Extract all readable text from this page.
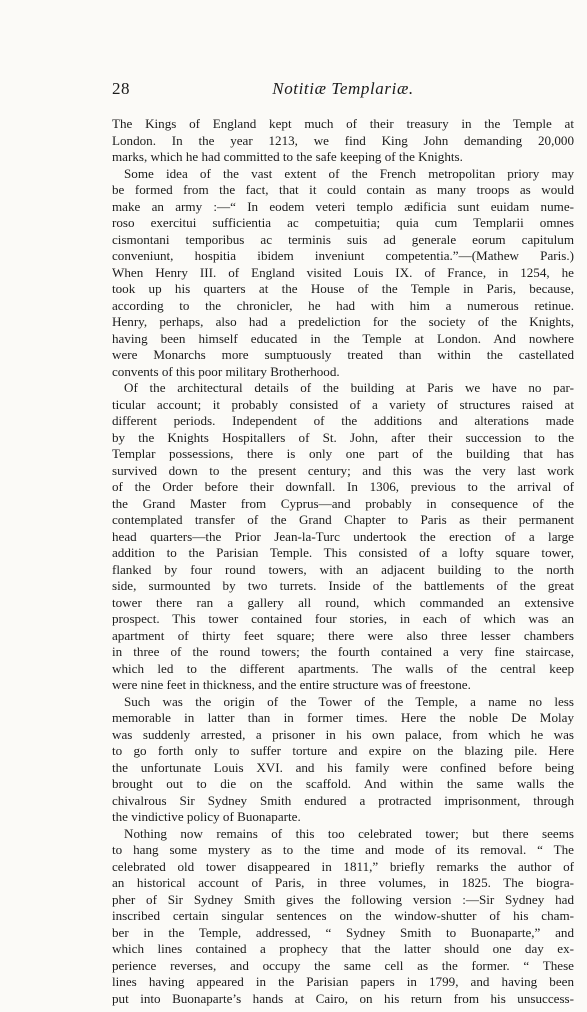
28	Notitiæ Templariæ.
The Kings of England kept much of their treasury in the Temple at
London. In the year 1213, we find King John demanding 20,000
marks, which he had committed to the safe keeping of the Knights.
Some idea of the vast extent of the French metropolitan priory may
be formed from the fact, that it could contain as many troops as would
make an army :—“ In eodem veteri templo ædificia sunt euidam nume-
roso exercitui sufficientia ac competuitia; quia cum Templarii omnes
cismontani temporibus ac terminis suis ad generale eorum capitulum
conveniunt, hospitia ibidem inveniunt competentia.”—(Mathew Paris.)
When Henry III. of England visited Louis IX. of France, in 1254, he
took up his quarters at the House of the Temple in Paris, because,
according to the chronicler, he had with him a numerous retinue.
Henry, perhaps, also had a predeliction for the society of the Knights,
having been himself educated in the Temple at London. And nowhere
were Monarchs more sumptuously treated than within the castellated
convents of this poor military Brotherhood.
Of the architectural details of the building at Paris we have no par-
ticular account; it probably consisted of a variety of structures raised at
different periods. Independent of the additions and alterations made
by the Knights Hospitallers of St. John, after their succession to the
Templar possessions, there is only one part of the building that has
survived down to the present century; and this was the very last work
of the Order before their downfall. In 1306, previous to the arrival of
the Grand Master from Cyprus—and probably in consequence of the
contemplated transfer of the Grand Chapter to Paris as their permanent
head quarters—the Prior Jean-la-Turc undertook the erection of a large
addition to the Parisian Temple. This consisted of a lofty square tower,
flanked by four round towers, with an adjacent building to the north
side, surmounted by two turrets. Inside of the battlements of the great
tower there ran a gallery all round, which commanded an extensive
prospect. This tower contained four stories, in each of which was an
apartment of thirty feet square; there were also three lesser chambers
in three of the round towers; the fourth contained a very fine staircase,
which led to the different apartments. The walls of the central keep
were nine feet in thickness, and the entire structure was of freestone.
Such was the origin of the Tower of the Temple, a name no less
memorable in latter than in former times. Here the noble De Molay
was suddenly arrested, a prisoner in his own palace, from which he was
to go forth only to suffer torture and expire on the blazing pile. Here
the unfortunate Louis XVI. and his family were confined before being
brought out to die on the scaffold. And within the same walls the
chivalrous Sir Sydney Smith endured a protracted imprisonment, through
the vindictive policy of Buonaparte.
Nothing now remains of this too celebrated tower; but there seems
to hang some mystery as to the time and mode of its removal. “ The
celebrated old tower disappeared in 1811,” briefly remarks the author of
an historical account of Paris, in three volumes, in 1825. The biogra-
pher of Sir Sydney Smith gives the following version :—Sir Sydney had
inscribed certain singular sentences on the window-shutter of his cham-
ber in the Temple, addressed, “ Sydney Smith to Buonaparte,” and
which lines contained a prophecy that the latter should one day ex-
perience reverses, and occupy the same cell as the former. “ These
lines having appeared in the Parisian papers in 1799, and having been
put into Buonaparte’s hands at Cairo, on his return from his unsuccess-
